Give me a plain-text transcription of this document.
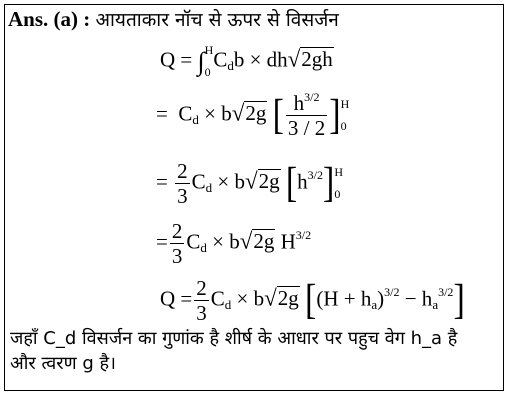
Ans. (a) : आयताकार नॉच से ऊपर से विसर्जन
Q = ∫ H
0
Cdb × dh√2gh
=  Cd × b√2g [ $\frac{h^{3/2}}{3 / 2}$ ] H
0
= $\frac{2}{3}$ Cd × b√2g $[h^{3/2}]$ H
0
= $\frac{2}{3}$ Cd × b√2g $H^{3/2}$
$Q = \frac{2}{3}$ Cd × b√2g $[(H + ha)^{3/2} - ha^{3/2}]$
जहाँ C_d विसर्जन का गुणांक है शीर्ष के आधार पर पहुच वेग h_a है
और त्वरण g है।
